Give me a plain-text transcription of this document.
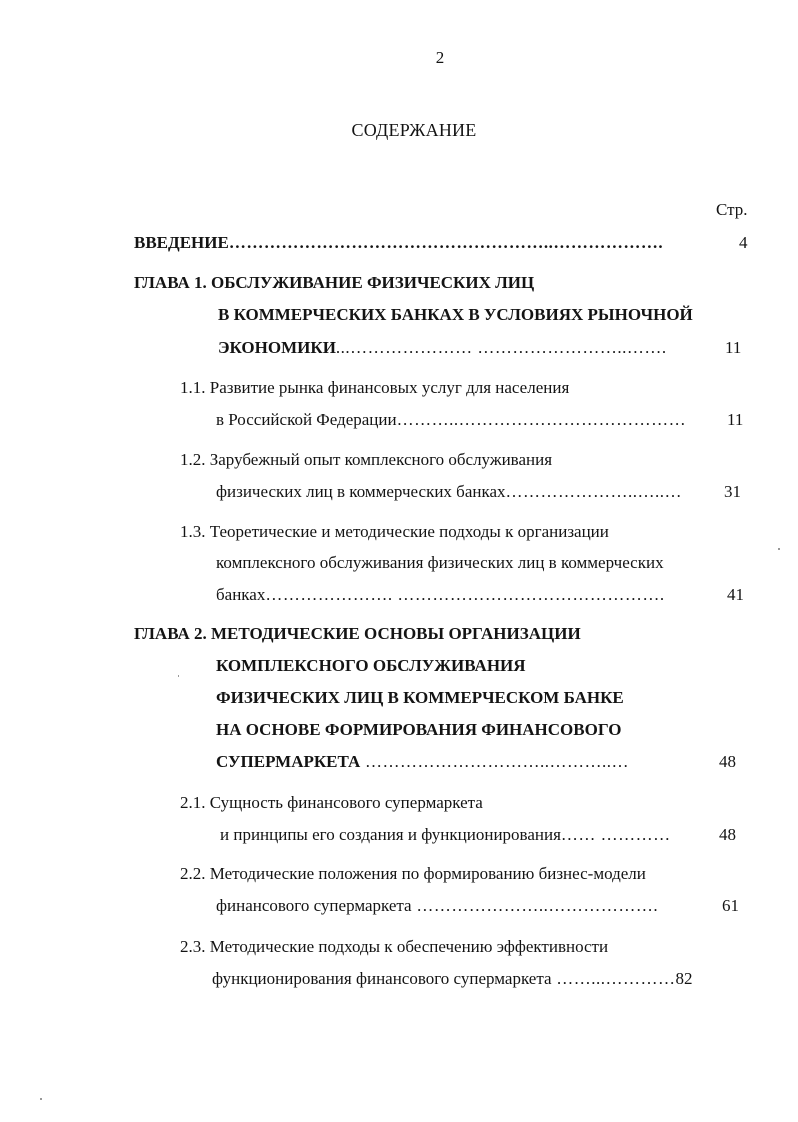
2
СОДЕРЖАНИЕ
Стр.
ВВЕДЕНИЕ………………………………………………..……………….	4
ГЛАВА 1. ОБСЛУЖИВАНИЕ ФИЗИЧЕСКИХ ЛИЦ
В КОММЕРЧЕСКИХ БАНКАХ В УСЛОВИЯХ РЫНОЧНОЙ
ЭКОНОМИКИ...………………… ……………………..…….	11
1.1. Развитие рынка финансовых услуг для населения
в Российской Федерации………..………………………………… 11
1.2. Зарубежный опыт комплексного обслуживания
физических лиц в коммерческих банках…………………..…..… 31
1.3. Теоретические и методические подходы к организации
комплексного обслуживания физических лиц в коммерческих
банках…………………. ……………………………………….	41
ГЛАВА 2. МЕТОДИЧЕСКИЕ ОСНОВЫ ОРГАНИЗАЦИИ
КОМПЛЕКСНОГО ОБСЛУЖИВАНИЯ
ФИЗИЧЕСКИХ ЛИЦ В КОММЕРЧЕСКОМ БАНКЕ
НА ОСНОВЕ ФОРМИРОВАНИЯ ФИНАНСОВОГО
СУПЕРМАРКЕТА …………………………..………..…	48
2.1. Сущность финансового супермаркета
и принципы его создания и функционирования…… …………	48
2.2. Методические положения по формированию бизнес-модели
финансового супермаркета …………………..……………….	61
2.3. Методические подходы к обеспечению эффективности
функционирования финансового супермаркета ……...…………82
